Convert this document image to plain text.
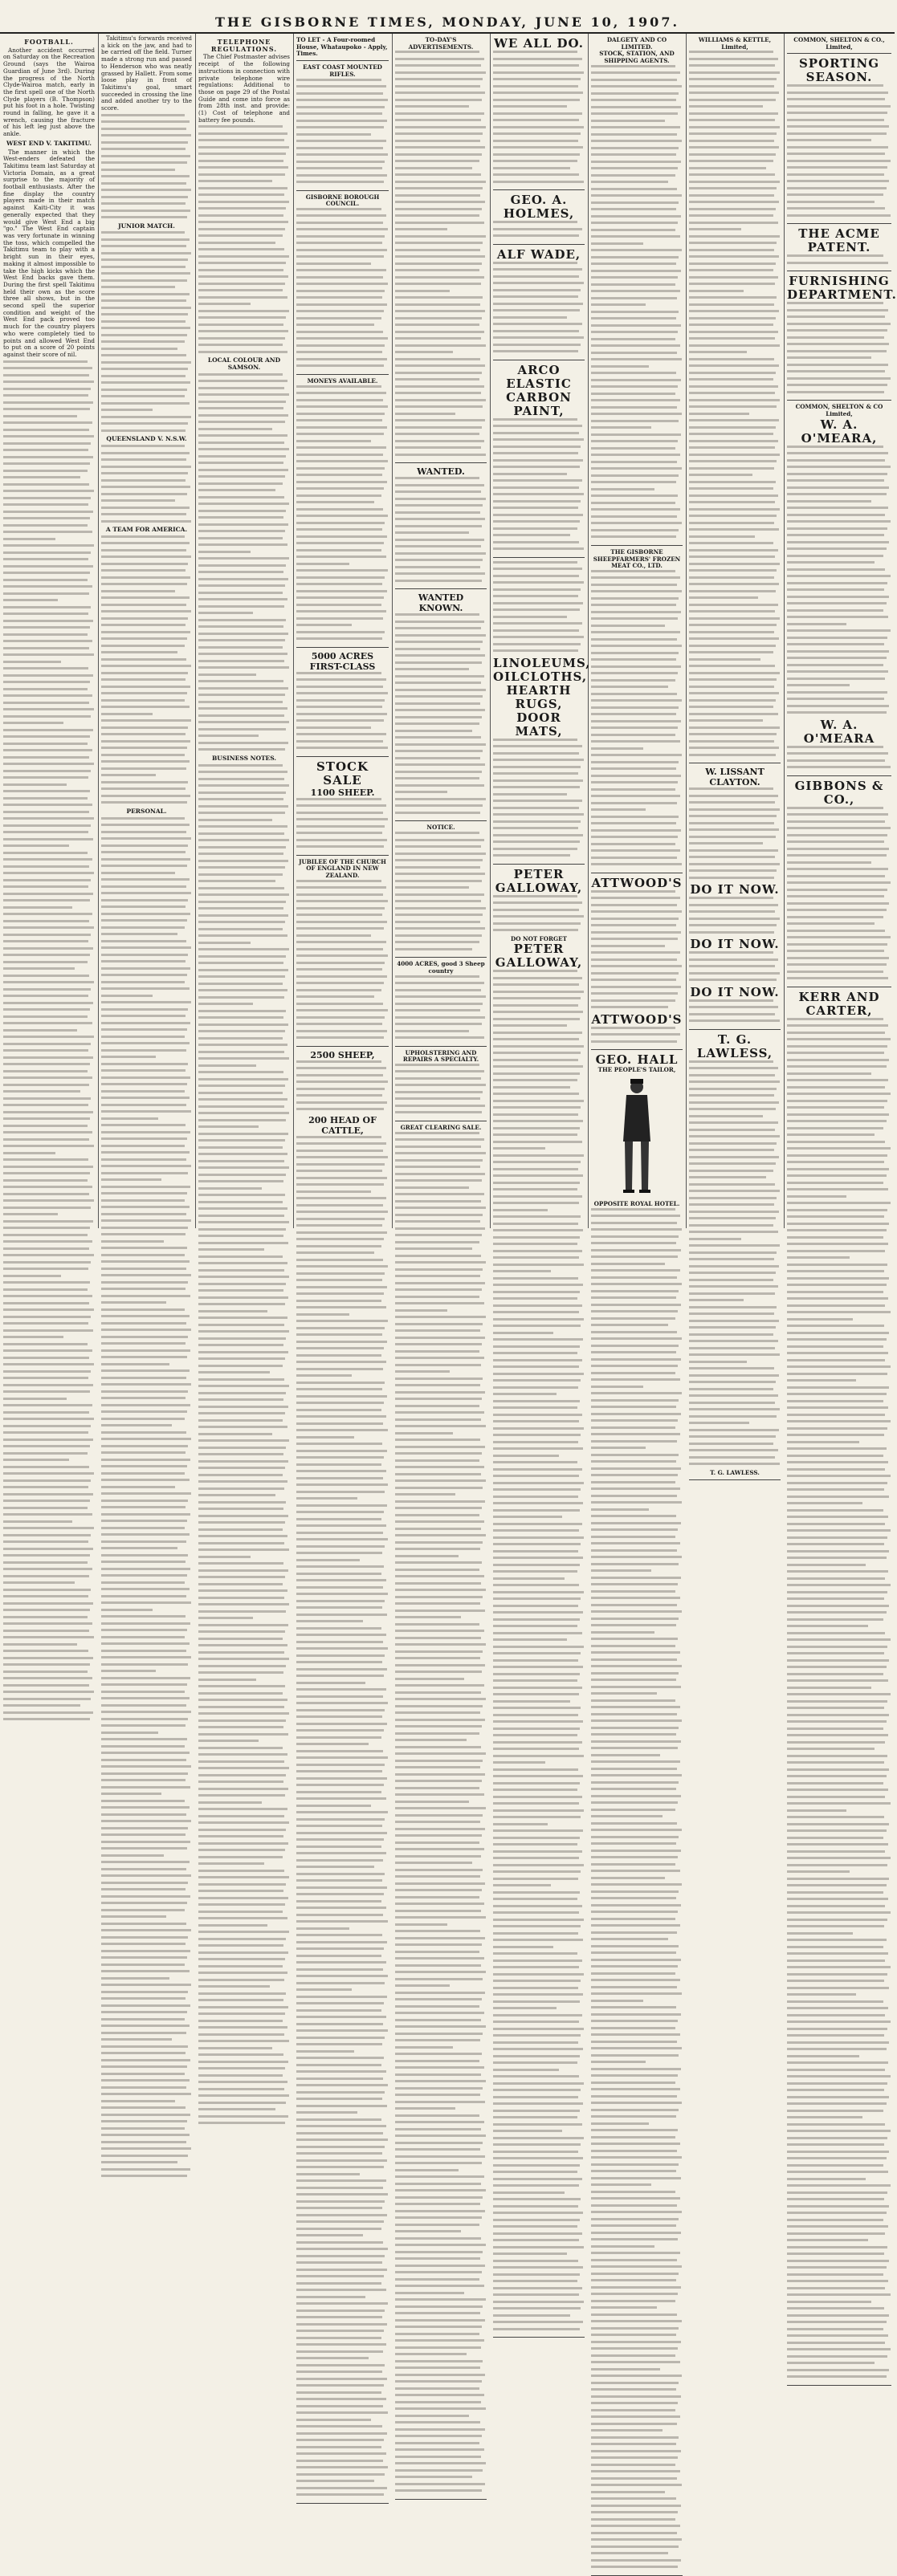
THE GISBORNE TIMES, MONDAY, JUNE 10, 1907.
FOOTBALL.

Another accident occurred on Saturday on the Recreation Ground (says the Wairoa Guardian of June 3rd). During the progress of the North Clyde-Wairoa match, early in the first spell one of the North Clyde players (B. Thompson) put his foot in a hole. Twisting round in falling, he gave it a wrench, causing the fracture of his left leg just above the ankle.

WEST END V. TAKITIMU.

The manner in which the West-enders defeated the Takitimu team last Saturday at Victoria Domain, as a great surprise to the majority of football enthusiasts. After the fine display the country players made in their match against Kaiti-City it was generally expected that they would give West End a big "go." The West End captain was very fortunate in winning the toss, which compelled the Takitimu team to play with a bright sun in their eyes, making it almost impossible to take the high kicks which the West End backs gave them. During the first spell Takitimu held their own as the score three all shows, but in the second spell the superior condition and weight of the West End pack proved too much for the country players who were completely tied to points and allowed West End to put on a score of 20 points against their score of nil.

Takitimu's forwards received a kick on the jaw, and had to be carried off the field. Turner made a strong run and passed to Henderson who was neatly grassed by Hallett. From some loose play in front of Takitimu's goal, smart succeeded in crossing the line and added another try to the score.

JUNIOR MATCH.
QUEENSLAND V. N.S.W.
A TEAM FOR AMERICA.
PERSONAL.
TELEPHONE REGULATIONS.

The Chief Postmaster advises receipt of the following instructions in connection with private telephone wire regulations: Additional to those on page 29 of the Postal Guide and come into force as from 28th inst. and provide: (1) Cost of telephone and battery fee pounds.

LOCAL COLOUR AND SAMSON.
BUSINESS NOTES.
TO LET - A Four-roomed House, Whataupoko - Apply, Times.
EAST COAST MOUNTED RIFLES.
GISBORNE BOROUGH COUNCIL.
MONEYS AVAILABLE.
5000 ACRES FIRST-CLASS
STOCK SALE
1100 SHEEP.
JUBILEE OF THE CHURCH OF ENGLAND IN NEW ZEALAND.
2500 SHEEP,
200 HEAD OF CATTLE,
TO-DAY'S ADVERTISEMENTS.
WANTED.
WANTED KNOWN.
NOTICE.
4000 ACRES, good 3 Sheep country
UPHOLSTERING AND REPAIRS A SPECIALTY.
GREAT CLEARING SALE.
WE ALL DO.
GEO. A. HOLMES,
ALF WADE,
ARCO ELASTIC CARBON PAINT,
LINOLEUMS,
OILCLOTHS,
HEARTH RUGS,
DOOR MATS,
PETER GALLOWAY,
DO NOT FORGET
PETER GALLOWAY,
DALGETY AND CO LIMITED.
STOCK, STATION, AND SHIPPING AGENTS.
THE GISBORNE SHEEPFARMERS' FROZEN MEAT CO., LTD.
ATTWOOD'S
ATTWOOD'S
GEO. HALL
THE PEOPLE'S TAILOR,
OPPOSITE ROYAL HOTEL.
WILLIAMS & KETTLE, Limited,
W. LISSANT CLAYTON.
DO IT NOW.
DO IT NOW.
DO IT NOW.
T. G. LAWLESS,
T. G. LAWLESS.
COMMON, SHELTON & CO., Limited,
SPORTING SEASON.
THE ACME PATENT.
FURNISHING DEPARTMENT.
COMMON, SHELTON & CO Limited,
W. A. O'MEARA,
W. A. O'MEARA
GIBBONS & CO.,
KERR AND CARTER,
